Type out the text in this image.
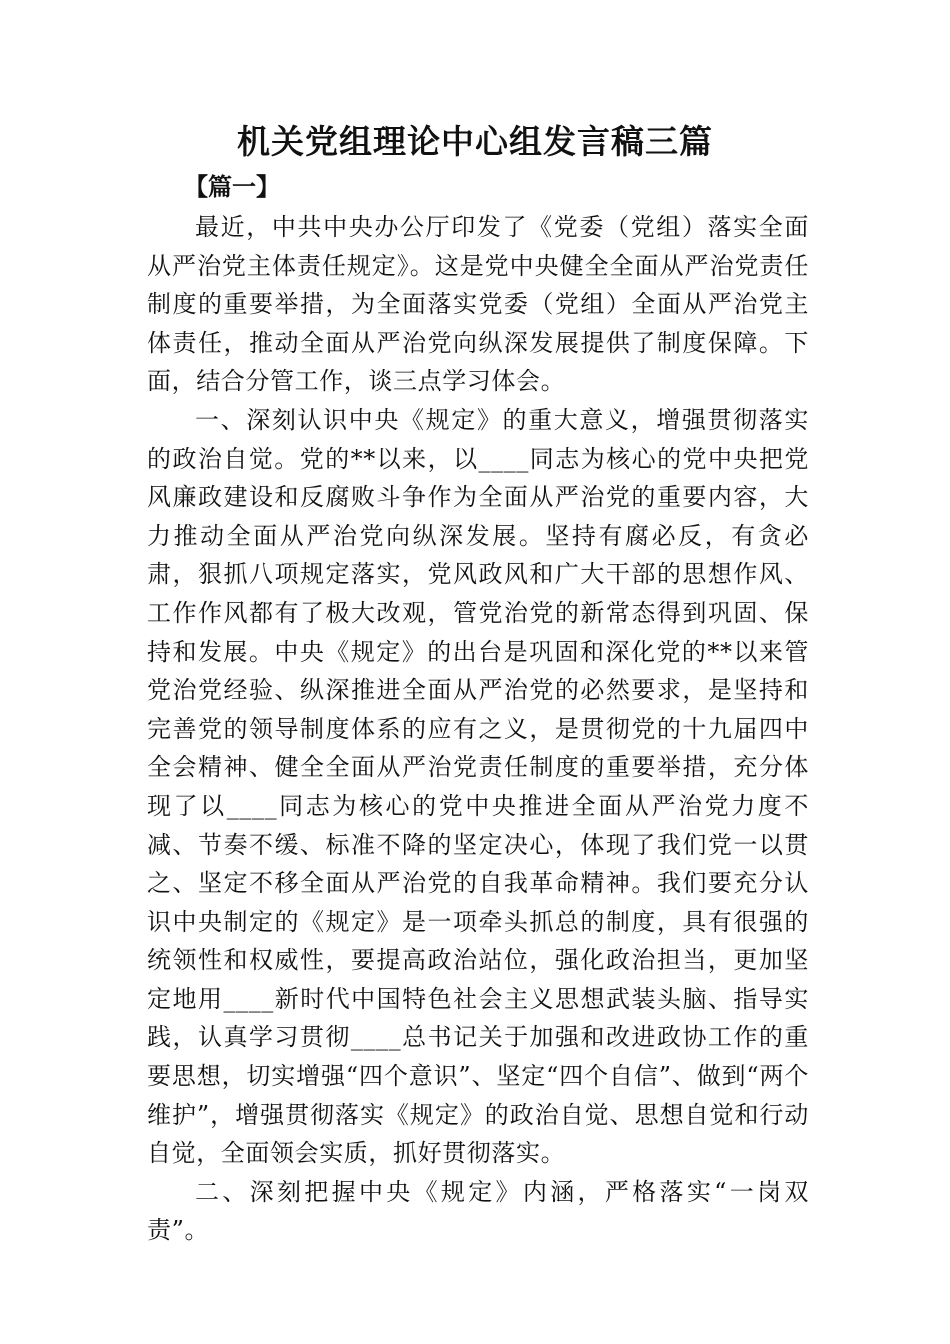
机关党组理论中心组发言稿三篇
【篇一】

最近，中共中央办公厅印发了《党委（党组）落实全面从严治党主体责任规定》。这是党中央健全全面从严治党责任制度的重要举措，为全面落实党委（党组）全面从严治党主体责任，推动全面从严治党向纵深发展提供了制度保障。下面，结合分管工作，谈三点学习体会。

一、深刻认识中央《规定》的重大意义，增强贯彻落实的政治自觉。党的**以来，以____同志为核心的党中央把党风廉政建设和反腐败斗争作为全面从严治党的重要内容，大力推动全面从严治党向纵深发展。坚持有腐必反，有贪必肃，狠抓八项规定落实，党风政风和广大干部的思想作风、工作作风都有了极大改观，管党治党的新常态得到巩固、保持和发展。中央《规定》的出台是巩固和深化党的**以来管党治党经验、纵深推进全面从严治党的必然要求，是坚持和完善党的领导制度体系的应有之义，是贯彻党的十九届四中全会精神、健全全面从严治党责任制度的重要举措，充分体现了以____同志为核心的党中央推进全面从严治党力度不减、节奏不缓、标准不降的坚定决心，体现了我们党一以贯之、坚定不移全面从严治党的自我革命精神。我们要充分认识中央制定的《规定》是一项牵头抓总的制度，具有很强的统领性和权威性，要提高政治站位，强化政治担当，更加坚定地用____新时代中国特色社会主义思想武装头脑、指导实践，认真学习贯彻____总书记关于加强和改进政协工作的重要思想，切实增强“四个意识”、坚定“四个自信”、做到“两个维护”，增强贯彻落实《规定》的政治自觉、思想自觉和行动自觉，全面领会实质，抓好贯彻落实。

二、深刻把握中央《规定》内涵，严格落实“一岗双责”。
